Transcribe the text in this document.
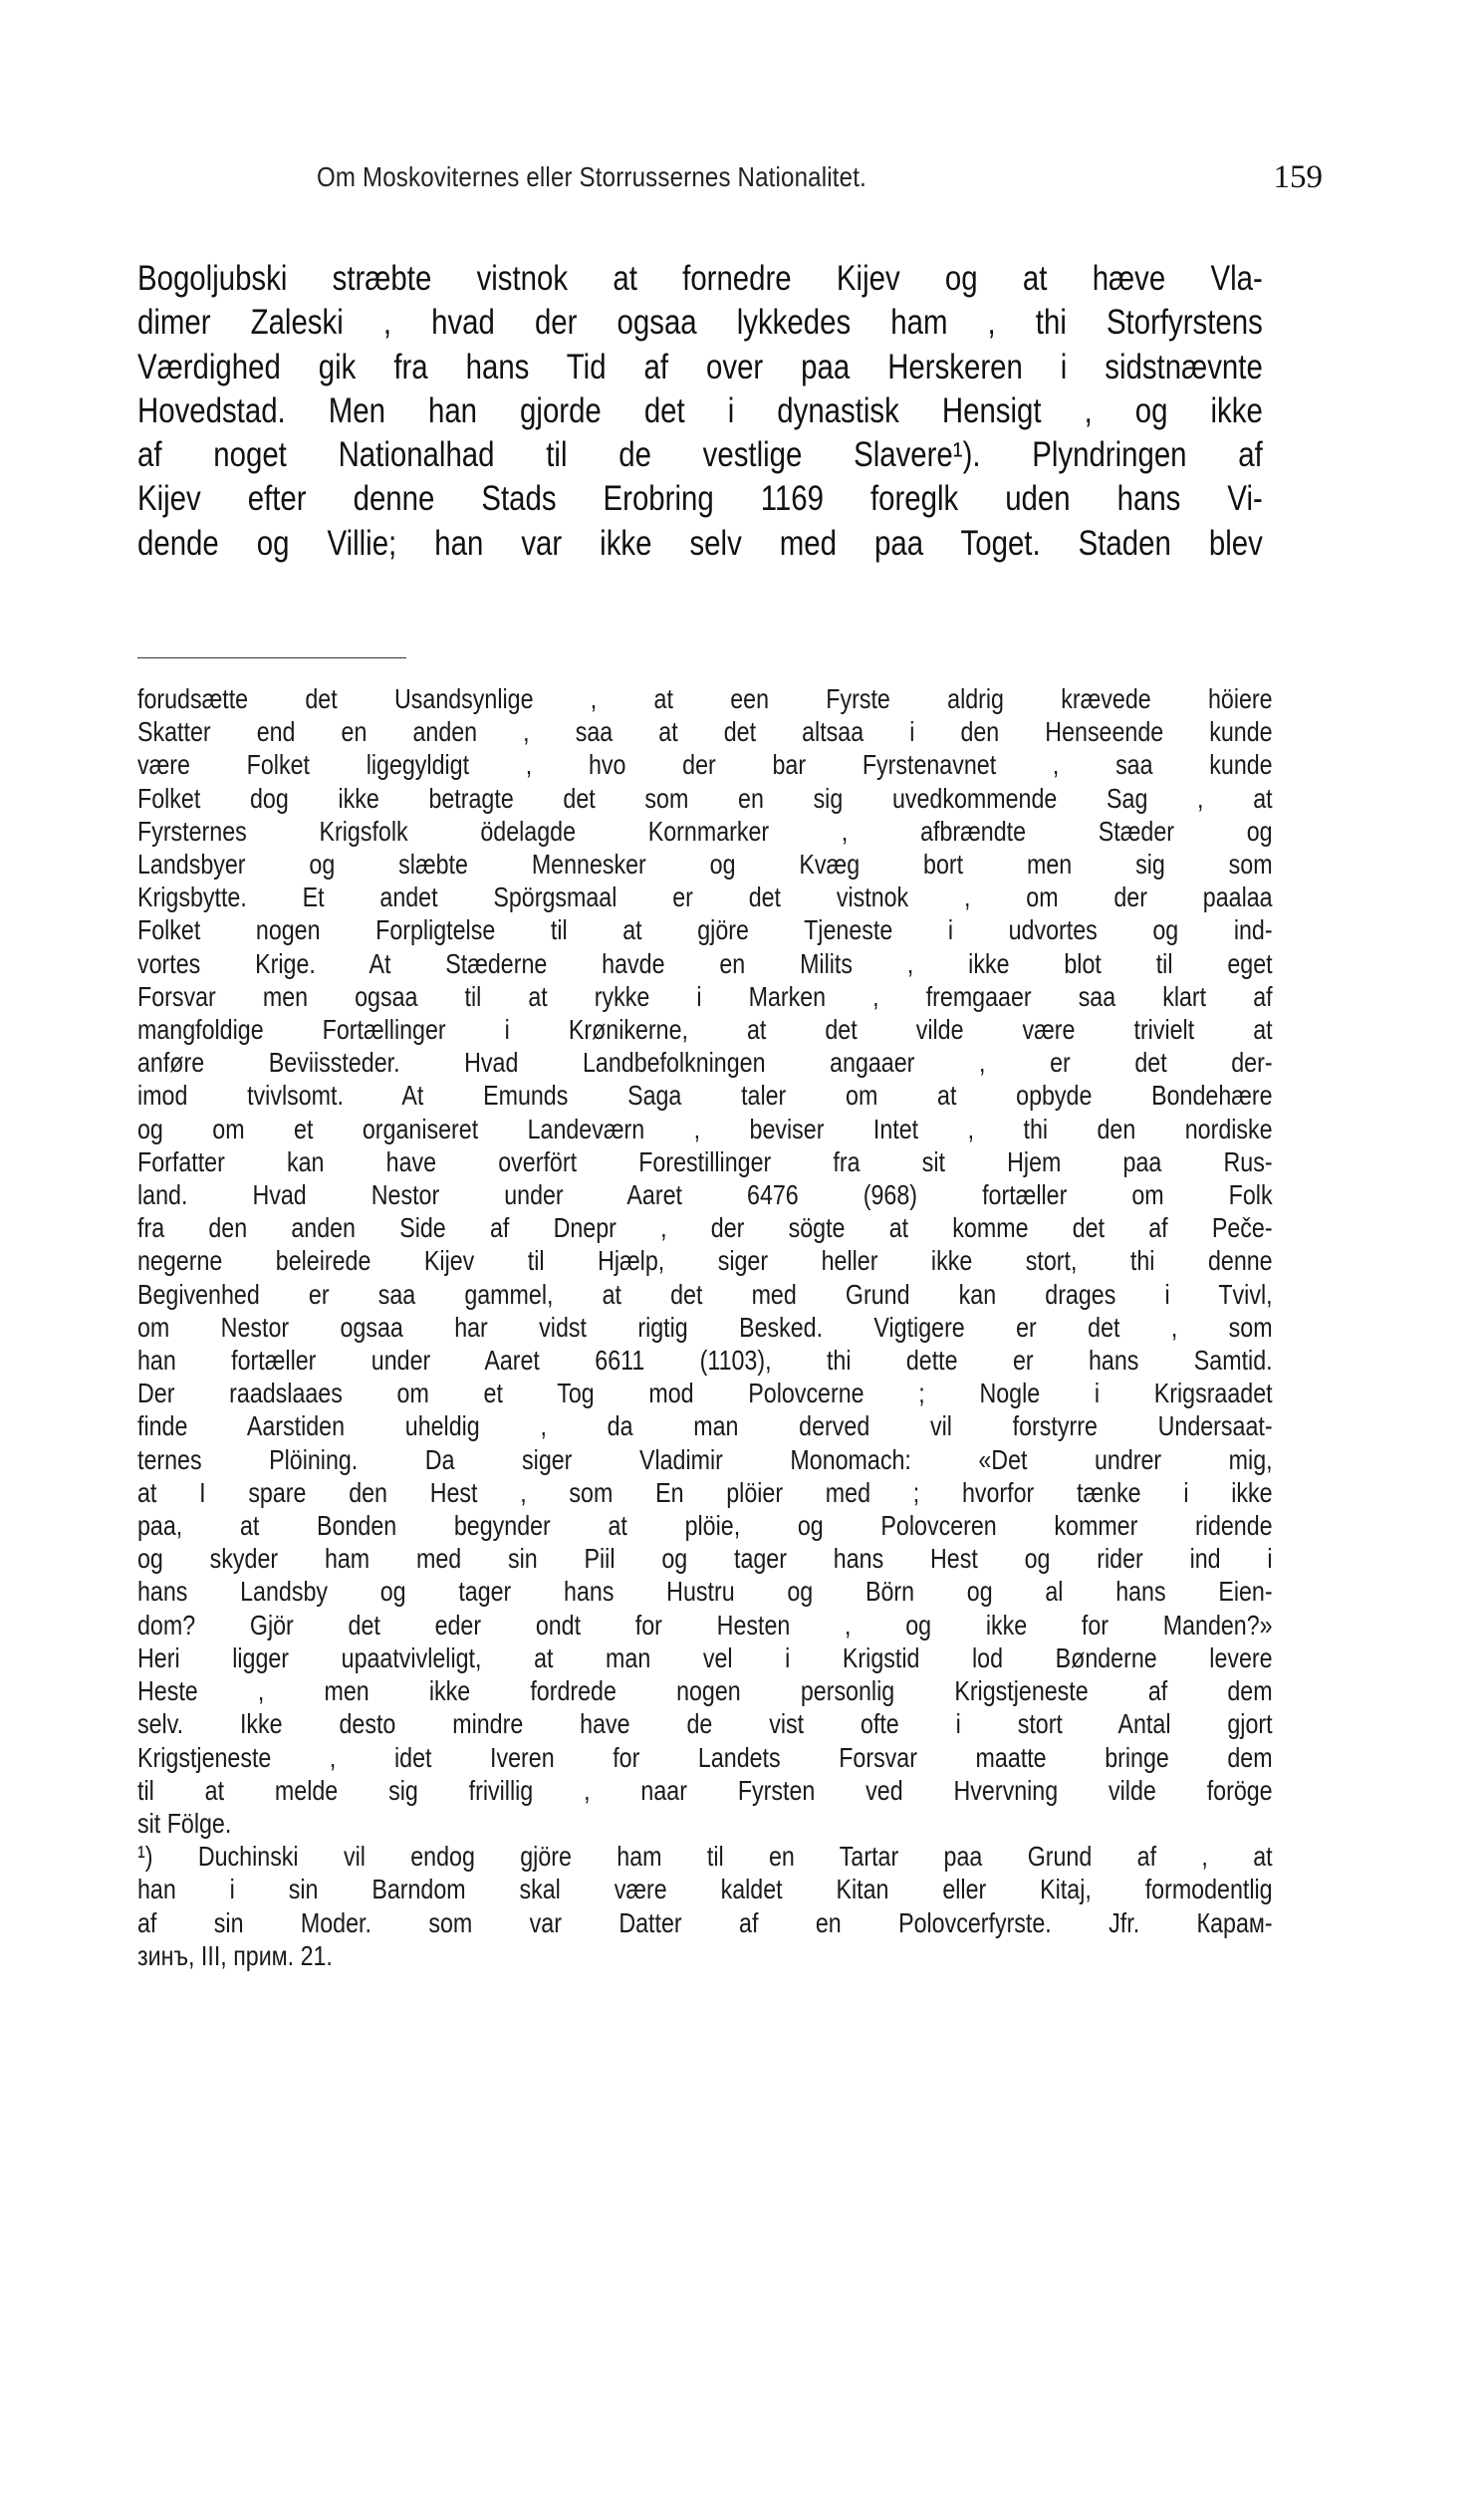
Om Moskoviternes eller Storrussernes Nationalitet.	159
Bogoljubski stræbte vistnok at fornedre Kijev og at hæve Vla-
dimer Zaleski , hvad der ogsaa lykkedes ham , thi Storfyrstens
Værdighed gik fra hans Tid af over paa Herskeren i sidstnævnte
Hovedstad. Men han gjorde det i dynastisk Hensigt , og ikke
af noget Nationalhad til de vestlige Slavere¹). Plyndringen af
Kijev efter denne Stads Erobring 1169 foreglk uden hans Vi-
dende og Villie; han var ikke selv med paa Toget. Staden blev
forudsætte det Usandsynlige , at een Fyrste aldrig krævede höiere
Skatter end en anden , saa at det altsaa i den Henseende kunde
være Folket ligegyldigt , hvo der bar Fyrstenavnet , saa kunde
Folket dog ikke betragte det som en sig uvedkommende Sag , at
Fyrsternes Krigsfolk ödelagde Kornmarker , afbrændte Stæder og
Landsbyer og slæbte Mennesker og Kvæg bort men sig som
Krigsbytte. Et andet Spörgsmaal er det vistnok , om der paalaa
Folket nogen Forpligtelse til at gjöre Tjeneste i udvortes og ind-
vortes Krige. At Stæderne havde en Milits , ikke blot til eget
Forsvar men ogsaa til at rykke i Marken , fremgaaer saa klart af
mangfoldige Fortællinger i Krønikerne, at det vilde være trivielt at
anføre Beviissteder. Hvad Landbefolkningen angaaer , er det der-
imod tvivlsomt. At Emunds Saga taler om at opbyde Bondehære
og om et organiseret Landeværn , beviser Intet , thi den nordiske
Forfatter kan have overfört Forestillinger fra sit Hjem paa Rus-
land. Hvad Nestor under Aaret 6476 (968) fortæller om Folk
fra den anden Side af Dnepr , der sögte at komme det af Peče-
negerne beleirede Kijev til Hjælp, siger heller ikke stort, thi denne
Begivenhed er saa gammel, at det med Grund kan drages i Tvivl,
om Nestor ogsaa har vidst rigtig Besked. Vigtigere er det , som
han fortæller under Aaret 6611 (1103), thi dette er hans Samtid.
Der raadslaaes om et Tog mod Polovcerne ; Nogle i Krigsraadet
finde Aarstiden uheldig , da man derved vil forstyrre Undersaat-
ternes Plöining. Da siger Vladimir Monomach: «Det undrer mig,
at I spare den Hest , som En plöier med ; hvorfor tænke i ikke
paa, at Bonden begynder at plöie, og Polovceren kommer ridende
og skyder ham med sin Piil og tager hans Hest og rider ind i
hans Landsby og tager hans Hustru og Börn og al hans Eien-
dom? Gjör det eder ondt for Hesten , og ikke for Manden?»
Heri ligger upaatvivleligt, at man vel i Krigstid lod Bønderne levere
Heste , men ikke fordrede nogen personlig Krigstjeneste af dem
selv. Ikke desto mindre have de vist ofte i stort Antal gjort
Krigstjeneste , idet Iveren for Landets Forsvar maatte bringe dem
til at melde sig frivillig , naar Fyrsten ved Hvervning vilde foröge
sit Fölge.
¹) Duchinski vil endog gjöre ham til en Tartar paa Grund af , at
han i sin Barndom skal være kaldet Kitan eller Kitaj, formodentlig
af sin Moder. som var Datter af en Polovcerfyrste. Jfr. Карам-
зинъ, III, прим. 21.
